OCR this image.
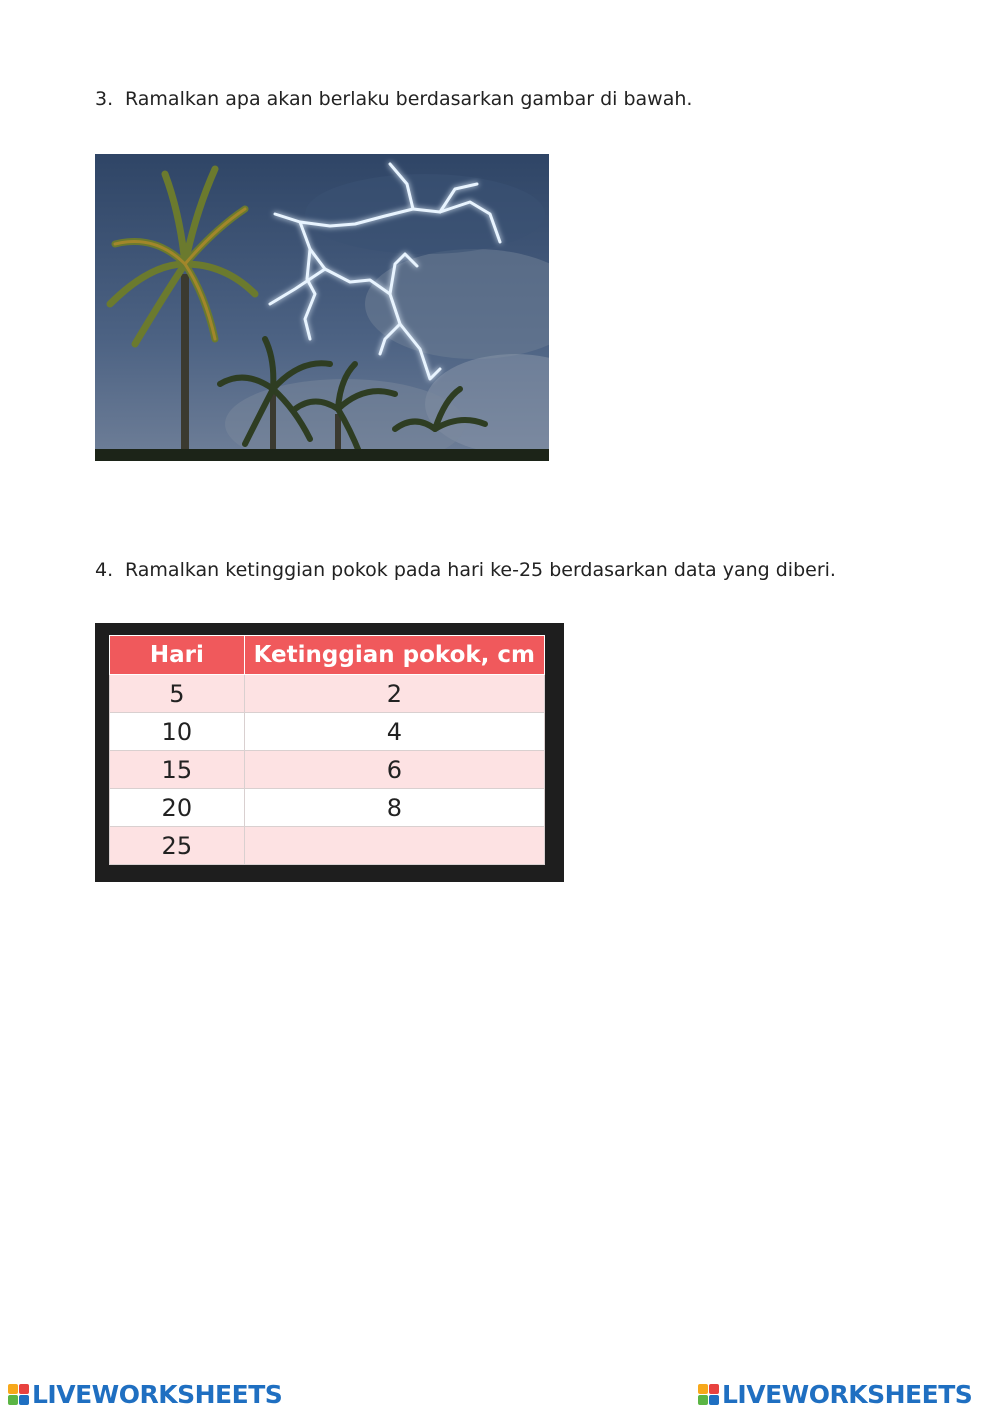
3. Ramalkan apa akan berlaku berdasarkan gambar di bawah.
4. Ramalkan ketinggian pokok pada hari ke-25 berdasarkan data yang diberi.
Hari	Ketinggian pokok, cm
5	2
10	4
15	6
20	8
25	
LIVEWORKSHEETS	LIVEWORKSHEETS
